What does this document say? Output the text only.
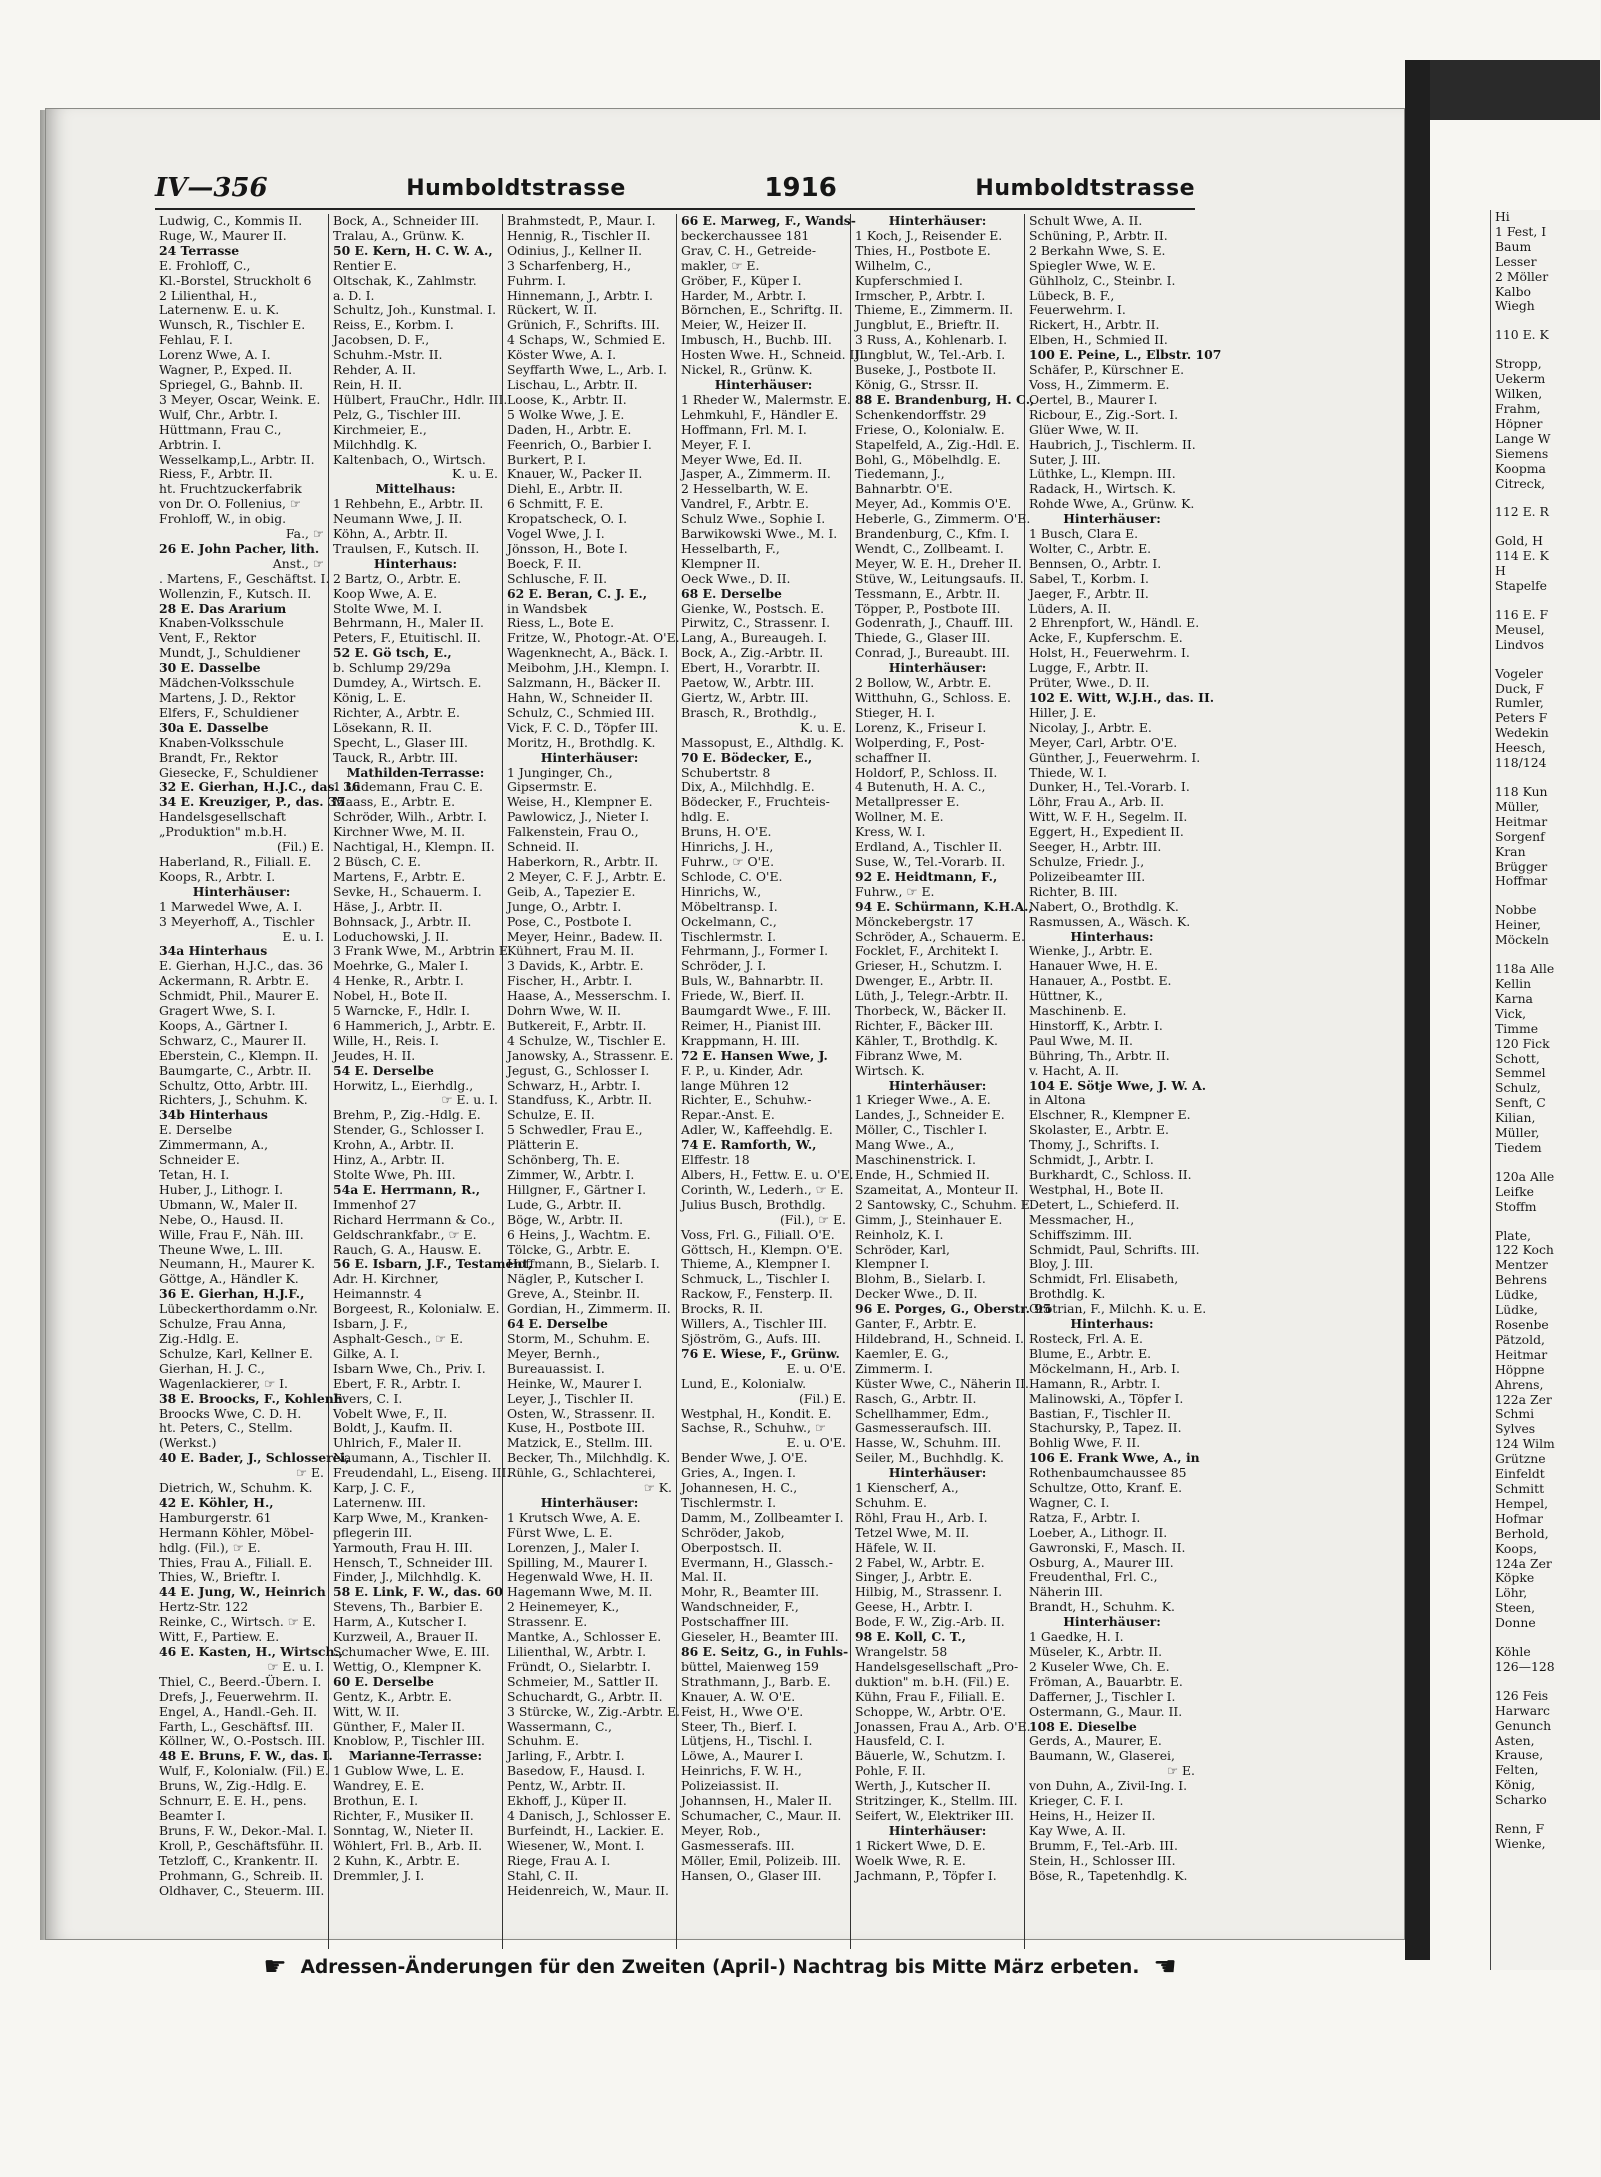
IV—356	Humboldtstrasse	1916	Humboldtstrasse
Ludwig, C., Kommis II.
Ruge, W., Maurer II.
24 Terrasse
E. Frohloff, C.,
Kl.-Borstel, Struckholt 6
2 Lilienthal, H.,
Laternenw. E. u. K.
Wunsch, R., Tischler E.
Fehlau, F. I.
Lorenz Wwe, A. I.
Wagner, P., Exped. II.
Spriegel, G., Bahnb. II.
3 Meyer, Oscar, Weink. E.
Wulf, Chr., Arbtr. I.
Hüttmann, Frau C.,
Arbtrin. I.
Wesselkamp,L., Arbtr. II.
Riess, F., Arbtr. II.
ht. Fruchtzuckerfabrik
von Dr. O. Follenius, ☞
Frohloff, W., in obig.
Fa., ☞
26 E. John Pacher, lith.
Anst., ☞
. Martens, F., Geschäftst. I.
Wollenzin, F., Kutsch. II.
28 E. Das Ararium
Knaben-Volksschule
Vent, F., Rektor
Mundt, J., Schuldiener
30 E. Dasselbe
Mädchen-Volksschule
Martens, J. D., Rektor
Elfers, F., Schuldiener
30a E. Dasselbe
Knaben-Volksschule
Brandt, Fr., Rektor
Giesecke, F., Schuldiener
32 E. Gierhan, H.J.C., das. 36
34 E. Kreuziger, P., das. 35
Handelsgesellschaft
„Produktion" m.b.H.
(Fil.) E.
Haberland, R., Filiall. E.
Koops, R., Arbtr. I.
Hinterhäuser:
1 Marwedel Wwe, A. I.
3 Meyerhoff, A., Tischler
E. u. I.
34a Hinterhaus
E. Gierhan, H.J.C., das. 36
Ackermann, R. Arbtr. E.
Schmidt, Phil., Maurer E.
Gragert Wwe, S. I.
Koops, A., Gärtner I.
Schwarz, C., Maurer II.
Eberstein, C., Klempn. II.
Baumgarte, C., Arbtr. II.
Schultz, Otto, Arbtr. III.
Richters, J., Schuhm. K.
34b Hinterhaus
E. Derselbe
Zimmermann, A.,
Schneider E.
Tetan, H. I.
Huber, J., Lithogr. I.
Ubmann, W., Maler II.
Nebe, O., Hausd. II.
Wille, Frau F., Näh. III.
Theune Wwe, L. III.
Neumann, H., Maurer K.
Göttge, A., Händler K.
36 E. Gierhan, H.J.F.,
Lübeckerthordamm o.Nr.
Schulze, Frau Anna,
Zig.-Hdlg. E.
Schulze, Karl, Kellner E.
Gierhan, H. J. C.,
Wagenlackierer, ☞ I.
38 E. Broocks, F., Kohlenh.
Broocks Wwe, C. D. H.
ht. Peters, C., Stellm.
(Werkst.)
40 E. Bader, J., Schlosserei,
☞ E.
Dietrich, W., Schuhm. K.
42 E. Köhler, H.,
Hamburgerstr. 61
Hermann Köhler, Möbel-
hdlg. (Fil.), ☞ E.
Thies, Frau A., Filiall. E.
Thies, W., Brieftr. I.
44 E. Jung, W., Heinrich
Hertz-Str. 122
Reinke, C., Wirtsch. ☞ E.
Witt, F., Partiew. E.
46 E. Kasten, H., Wirtsch.,
☞ E. u. I.
Thiel, C., Beerd.-Übern. I.
Drefs, J., Feuerwehrm. II.
Engel, A., Handl.-Geh. II.
Farth, L., Geschäftsf. III.
Köllner, W., O.-Postsch. III.
48 E. Bruns, F. W., das. I.
Wulf, F., Kolonialw. (Fil.) E.
Bruns, W., Zig.-Hdlg. E.
Schnurr, E. E. H., pens.
Beamter I.
Bruns, F. W., Dekor.-Mal. I.
Kroll, P., Geschäftsführ. II.
Tetzloff, C., Krankentr. II.
Prohmann, G., Schreib. II.
Oldhaver, C., Steuerm. III.
Bock, A., Schneider III.
Tralau, A., Grünw. K.
50 E. Kern, H. C. W. A.,
Rentier E.
Oltschak, K., Zahlmstr.
a. D. I.
Schultz, Joh., Kunstmal. I.
Reiss, E., Korbm. I.
Jacobsen, D. F.,
Schuhm.-Mstr. II.
Rehder, A. II.
Rein, H. II.
Hülbert, FrauChr., Hdlr. III.
Pelz, G., Tischler III.
Kirchmeier, E.,
Milchhdlg. K.
Kaltenbach, O., Wirtsch.
K. u. E.
Mittelhaus:
1 Rehbehn, E., Arbtr. II.
Neumann Wwe, J. II.
Köhn, A., Arbtr. II.
Traulsen, F., Kutsch. II.
Hinterhaus:
2 Bartz, O., Arbtr. E.
Koop Wwe, A. E.
Stolte Wwe, M. I.
Behrmann, H., Maler II.
Peters, F., Etuitischl. II.
52 E. Gö tsch, E.,
b. Schlump 29/29a
Dumdey, A., Wirtsch. E.
König, L. E.
Richter, A., Arbtr. E.
Lösekann, R. II.
Specht, L., Glaser III.
Tauck, R., Arbtr. III.
Mathilden-Terrasse:
1 Lüdemann, Frau C. E.
Maass, E., Arbtr. E.
Schröder, Wilh., Arbtr. I.
Kirchner Wwe, M. II.
Nachtigal, H., Klempn. II.
2 Büsch, C. E.
Martens, F., Arbtr. E.
Sevke, H., Schauerm. I.
Häse, J., Arbtr. II.
Bohnsack, J., Arbtr. II.
Loduchowski, J. II.
3 Frank Wwe, M., Arbtrin E.
Moehrke, G., Maler I.
4 Henke, R., Arbtr. I.
Nobel, H., Bote II.
5 Warncke, F., Hdlr. I.
6 Hammerich, J., Arbtr. E.
Wille, H., Reis. I.
Jeudes, H. II.
54 E. Derselbe
Horwitz, L., Eierhdlg.,
☞ E. u. I.
Brehm, P., Zig.-Hdlg. E.
Stender, G., Schlosser I.
Krohn, A., Arbtr. II.
Hinz, A., Arbtr. II.
Stolte Wwe, Ph. III.
54a E. Herrmann, R.,
Immenhof 27
Richard Herrmann & Co.,
Geldschrankfabr., ☞ E.
Rauch, G. A., Hausw. E.
56 E. Isbarn, J.F., Testament,
Adr. H. Kirchner,
Heimannstr. 4
Borgeest, R., Kolonialw. E.
Isbarn, J. F.,
Asphalt-Gesch., ☞ E.
Gilke, A. I.
Isbarn Wwe, Ch., Priv. I.
Ebert, F. R., Arbtr. I.
Evers, C. I.
Vobelt Wwe, F., II.
Boldt, J., Kaufm. II.
Uhlrich, F., Maler II.
Naumann, A., Tischler II.
Freudendahl, L., Eiseng. III.
Karp, J. C. F.,
Laternenw. III.
Karp Wwe, M., Kranken-
pflegerin III.
Yarmouth, Frau H. III.
Hensch, T., Schneider III.
Finder, J., Milchhdlg. K.
58 E. Link, F. W., das. 60
Stevens, Th., Barbier E.
Harm, A., Kutscher I.
Kurzweil, A., Brauer II.
Schumacher Wwe, E. III.
Wettig, O., Klempner K.
60 E. Derselbe
Gentz, K., Arbtr. E.
Witt, W. II.
Günther, F., Maler II.
Knoblow, P., Tischler III.
Marianne-Terrasse:
1 Gublow Wwe, L. E.
Wandrey, E. E.
Brothun, E. I.
Richter, F., Musiker II.
Sonntag, W., Nieter II.
Wöhlert, Frl. B., Arb. II.
2 Kuhn, K., Arbtr. E.
Dremmler, J. I.
Brahmstedt, P., Maur. I.
Hennig, R., Tischler II.
Odinius, J., Kellner II.
3 Scharfenberg, H.,
Fuhrm. I.
Hinnemann, J., Arbtr. I.
Rückert, W. II.
Grünich, F., Schrifts. III.
4 Schaps, W., Schmied E.
Köster Wwe, A. I.
Seyffarth Wwe, L., Arb. I.
Lischau, L., Arbtr. II.
Loose, K., Arbtr. II.
5 Wolke Wwe, J. E.
Daden, H., Arbtr. E.
Feenrich, O., Barbier I.
Burkert, P. I.
Knauer, W., Packer II.
Diehl, E., Arbtr. II.
6 Schmitt, F. E.
Kropatscheck, O. I.
Vogel Wwe, J. I.
Jönsson, H., Bote I.
Boeck, F. II.
Schlusche, F. II.
62 E. Beran, C. J. E.,
in Wandsbek
Riess, L., Bote E.
Fritze, W., Photogr.-At. O'E.
Wagenknecht, A., Bäck. I.
Meibohm, J.H., Klempn. I.
Salzmann, H., Bäcker II.
Hahn, W., Schneider II.
Schulz, C., Schmied III.
Vick, F. C. D., Töpfer III.
Moritz, H., Brothdlg. K.
Hinterhäuser:
1 Junginger, Ch.,
Gipsermstr. E.
Weise, H., Klempner E.
Pawlowicz, J., Nieter I.
Falkenstein, Frau O.,
Schneid. II.
Haberkorn, R., Arbtr. II.
2 Meyer, C. F. J., Arbtr. E.
Geib, A., Tapezier E.
Junge, O., Arbtr. I.
Pose, C., Postbote I.
Meyer, Heinr., Badew. II.
Kühnert, Frau M. II.
3 Davids, K., Arbtr. E.
Fischer, H., Arbtr. I.
Haase, A., Messerschm. I.
Dohrn Wwe, W. II.
Butkereit, F., Arbtr. II.
4 Schulze, W., Tischler E.
Janowsky, A., Strassenr. E.
Jegust, G., Schlosser I.
Schwarz, H., Arbtr. I.
Standfuss, K., Arbtr. II.
Schulze, E. II.
5 Schwedler, Frau E.,
Plätterin E.
Schönberg, Th. E.
Zimmer, W., Arbtr. I.
Hillgner, F., Gärtner I.
Lude, G., Arbtr. II.
Böge, W., Arbtr. II.
6 Heins, J., Wachtm. E.
Tölcke, G., Arbtr. E.
Hoffmann, B., Sielarb. I.
Nägler, P., Kutscher I.
Greve, A., Steinbr. II.
Gordian, H., Zimmerm. II.
64 E. Derselbe
Storm, M., Schuhm. E.
Meyer, Bernh.,
Bureauassist. I.
Heinke, W., Maurer I.
Leyer, J., Tischler II.
Osten, W., Strassenr. II.
Kuse, H., Postbote III.
Matzick, E., Stellm. III.
Becker, Th., Milchhdlg. K.
Rühle, G., Schlachterei,
☞ K.
Hinterhäuser:
1 Krutsch Wwe, A. E.
Fürst Wwe, L. E.
Lorenzen, J., Maler I.
Spilling, M., Maurer I.
Hegenwald Wwe, H. II.
Hagemann Wwe, M. II.
2 Heinemeyer, K.,
Strassenr. E.
Mantke, A., Schlosser E.
Lilienthal, W., Arbtr. I.
Fründt, O., Sielarbtr. I.
Schmeier, M., Sattler II.
Schuchardt, G., Arbtr. II.
3 Stürcke, W., Zig.-Arbtr. E.
Wassermann, C.,
Schuhm. E.
Jarling, F., Arbtr. I.
Basedow, F., Hausd. I.
Pentz, W., Arbtr. II.
Ekhoff, J., Küper II.
4 Danisch, J., Schlosser E.
Burfeindt, H., Lackier. E.
Wiesener, W., Mont. I.
Riege, Frau A. I.
Stahl, C. II.
Heidenreich, W., Maur. II.
66 E. Marweg, F., Wands-
beckerchaussee 181
Grav, C. H., Getreide-
makler, ☞ E.
Gröber, F., Küper I.
Harder, M., Arbtr. I.
Börnchen, E., Schriftg. II.
Meier, W., Heizer II.
Imbusch, H., Buchb. III.
Hosten Wwe. H., Schneid. III.
Nickel, R., Grünw. K.
Hinterhäuser:
1 Rheder W., Malermstr. E.
Lehmkuhl, F., Händler E.
Hoffmann, Frl. M. I.
Meyer, F. I.
Meyer Wwe, Ed. II.
Jasper, A., Zimmerm. II.
2 Hesselbarth, W. E.
Vandrel, F., Arbtr. E.
Schulz Wwe., Sophie I.
Barwikowski Wwe., M. I.
Hesselbarth, F.,
Klempner II.
Oeck Wwe., D. II.
68 E. Derselbe
Gienke, W., Postsch. E.
Pirwitz, C., Strassenr. I.
Lang, A., Bureaugeh. I.
Bock, A., Zig.-Arbtr. II.
Ebert, H., Vorarbtr. II.
Paetow, W., Arbtr. III.
Giertz, W., Arbtr. III.
Brasch, R., Brothdlg.,
K. u. E.
Massopust, E., Althdlg. K.
70 E. Bödecker, E.,
Schubertstr. 8
Dix, A., Milchhdlg. E.
Bödecker, F., Fruchteis-
hdlg. E.
Bruns, H. O'E.
Hinrichs, J. H.,
Fuhrw., ☞ O'E.
Schlode, C. O'E.
Hinrichs, W.,
Möbeltransp. I.
Ockelmann, C.,
Tischlermstr. I.
Fehrmann, J., Former I.
Schröder, J. I.
Buls, W., Bahnarbtr. II.
Friede, W., Bierf. II.
Baumgardt Wwe., F. III.
Reimer, H., Pianist III.
Krappmann, H. III.
72 E. Hansen Wwe, J.
F. P., u. Kinder, Adr.
lange Mühren 12
Richter, E., Schuhw.-
Repar.-Anst. E.
Adler, W., Kaffeehdlg. E.
74 E. Ramforth, W.,
Elffestr. 18
Albers, H., Fettw. E. u. O'E.
Corinth, W., Lederh., ☞ E.
Julius Busch, Brothdlg.
(Fil.), ☞ E.
Voss, Frl. G., Filiall. O'E.
Göttsch, H., Klempn. O'E.
Thieme, A., Klempner I.
Schmuck, L., Tischler I.
Rackow, F., Fensterp. II.
Brocks, R. II.
Willers, A., Tischler III.
Sjöström, G., Aufs. III.
76 E. Wiese, F., Grünw.
E. u. O'E.
Lund, E., Kolonialw.
(Fil.) E.
Westphal, H., Kondit. E.
Sachse, R., Schuhw., ☞
E. u. O'E.
Bender Wwe, J. O'E.
Gries, A., Ingen. I.
Johannesen, H. C.,
Tischlermstr. I.
Damm, M., Zollbeamter I.
Schröder, Jakob,
Oberpostsch. II.
Evermann, H., Glassch.-
Mal. II.
Mohr, R., Beamter III.
Wandschneider, F.,
Postschaffner III.
Gieseler, H., Beamter III.
86 E. Seitz, G., in Fuhls-
büttel, Maienweg 159
Strathmann, J., Barb. E.
Knauer, A. W. O'E.
Feist, H., Wwe O'E.
Steer, Th., Bierf. I.
Lütjens, H., Tischl. I.
Löwe, A., Maurer I.
Heinrichs, F. W. H.,
Polizeiassist. II.
Johannsen, H., Maler II.
Schumacher, C., Maur. II.
Meyer, Rob.,
Gasmesserafs. III.
Möller, Emil, Polizeib. III.
Hansen, O., Glaser III.
Hinterhäuser:
1 Koch, J., Reisender E.
Thies, H., Postbote E.
Wilhelm, C.,
Kupferschmied I.
Irmscher, P., Arbtr. I.
Thieme, E., Zimmerm. II.
Jungblut, E., Brieftr. II.
3 Russ, A., Kohlenarb. I.
Jungblut, W., Tel.-Arb. I.
Buseke, J., Postbote II.
König, G., Strssr. II.
88 E. Brandenburg, H. C.,
Schenkendorffstr. 29
Friese, O., Kolonialw. E.
Stapelfeld, A., Zig.-Hdl. E.
Bohl, G., Möbelhdlg. E.
Tiedemann, J.,
Bahnarbtr. O'E.
Meyer, Ad., Kommis O'E.
Heberle, G., Zimmerm. O'E.
Brandenburg, C., Kfm. I.
Wendt, C., Zollbeamt. I.
Meyer, W. E. H., Dreher II.
Stüve, W., Leitungsaufs. II.
Tessmann, E., Arbtr. II.
Töpper, P., Postbote III.
Godenrath, J., Chauff. III.
Thiede, G., Glaser III.
Conrad, J., Bureaubt. III.
Hinterhäuser:
2 Bollow, W., Arbtr. E.
Witthuhn, G., Schloss. E.
Stieger, H. I.
Lorenz, K., Friseur I.
Wolperding, F., Post-
schaffner II.
Holdorf, P., Schloss. II.
4 Butenuth, H. A. C.,
Metallpresser E.
Wollner, M. E.
Kress, W. I.
Erdland, A., Tischler II.
Suse, W., Tel.-Vorarb. II.
92 E. Heidtmann, F.,
Fuhrw., ☞ E.
94 E. Schürmann, K.H.A.,
Mönckebergstr. 17
Schröder, A., Schauerm. E.
Focklet, F., Architekt I.
Grieser, H., Schutzm. I.
Dwenger, E., Arbtr. II.
Lüth, J., Telegr.-Arbtr. II.
Thorbeck, W., Bäcker II.
Richter, F., Bäcker III.
Kähler, T., Brothdlg. K.
Fibranz Wwe, M.
Wirtsch. K.
Hinterhäuser:
1 Krieger Wwe., A. E.
Landes, J., Schneider E.
Möller, C., Tischler I.
Mang Wwe., A.,
Maschinenstrick. I.
Ende, H., Schmied II.
Szameitat, A., Monteur II.
2 Santowsky, C., Schuhm. E.
Gimm, J., Steinhauer E.
Reinholz, K. I.
Schröder, Karl,
Klempner I.
Blohm, B., Sielarb. I.
Decker Wwe., D. II.
96 E. Porges, G., Oberstr. 95
Ganter, F., Arbtr. E.
Hildebrand, H., Schneid. I.
Kaemler, E. G.,
Zimmerm. I.
Küster Wwe, C., Näherin II.
Rasch, G., Arbtr. II.
Schellhammer, Edm.,
Gasmesseraufsch. III.
Hasse, W., Schuhm. III.
Seiler, M., Buchhdlg. K.
Hinterhäuser:
1 Kienscherf, A.,
Schuhm. E.
Röhl, Frau H., Arb. I.
Tetzel Wwe, M. II.
Häfele, W. II.
2 Fabel, W., Arbtr. E.
Singer, J., Arbtr. E.
Hilbig, M., Strassenr. I.
Geese, H., Arbtr. I.
Bode, F. W., Zig.-Arb. II.
98 E. Koll, C. T.,
Wrangelstr. 58
Handelsgesellschaft „Pro-
duktion" m. b.H. (Fil.) E.
Kühn, Frau F., Filiall. E.
Schoppe, W., Arbtr. O'E.
Jonassen, Frau A., Arb. O'E.
Hausfeld, C. I.
Bäuerle, W., Schutzm. I.
Pohle, F. II.
Werth, J., Kutscher II.
Stritzinger, K., Stellm. III.
Seifert, W., Elektriker III.
Hinterhäuser:
1 Rickert Wwe, D. E.
Woelk Wwe, R. E.
Jachmann, P., Töpfer I.
Schult Wwe, A. II.
Schüning, P., Arbtr. II.
2 Berkahn Wwe, S. E.
Spiegler Wwe, W. E.
Gühlholz, C., Steinbr. I.
Lübeck, B. F.,
Feuerwehrm. I.
Rickert, H., Arbtr. II.
Elben, H., Schmied II.
100 E. Peine, L., Elbstr. 107
Schäfer, P., Kürschner E.
Voss, H., Zimmerm. E.
Oertel, B., Maurer I.
Ricbour, E., Zig.-Sort. I.
Glüer Wwe, W. II.
Haubrich, J., Tischlerm. II.
Suter, J. III.
Lüthke, L., Klempn. III.
Radack, H., Wirtsch. K.
Rohde Wwe, A., Grünw. K.
Hinterhäuser:
1 Busch, Clara E.
Wolter, C., Arbtr. E.
Bennsen, O., Arbtr. I.
Sabel, T., Korbm. I.
Jaeger, F., Arbtr. II.
Lüders, A. II.
2 Ehrenpfort, W., Händl. E.
Acke, F., Kupferschm. E.
Holst, H., Feuerwehrm. I.
Lugge, F., Arbtr. II.
Prüter, Wwe., D. II.
102 E. Witt, W.J.H., das. II.
Hiller, J. E.
Nicolay, J., Arbtr. E.
Meyer, Carl, Arbtr. O'E.
Günther, J., Feuerwehrm. I.
Thiede, W. I.
Dunker, H., Tel.-Vorarb. I.
Löhr, Frau A., Arb. II.
Witt, W. F. H., Segelm. II.
Eggert, H., Expedient II.
Seeger, H., Arbtr. III.
Schulze, Friedr. J.,
Polizeibeamter III.
Richter, B. III.
Nabert, O., Brothdlg. K.
Rasmussen, A., Wäsch. K.
Hinterhaus:
Wienke, J., Arbtr. E.
Hanauer Wwe, H. E.
Hanauer, A., Postbt. E.
Hüttner, K.,
Maschinenb. E.
Hinstorff, K., Arbtr. I.
Paul Wwe, M. II.
Bühring, Th., Arbtr. II.
v. Hacht, A. II.
104 E. Sötje Wwe, J. W. A.
in Altona
Elschner, R., Klempner E.
Skolaster, E., Arbtr. E.
Thomy, J., Schrifts. I.
Schmidt, J., Arbtr. I.
Burkhardt, C., Schloss. II.
Westphal, H., Bote II.
Detert, L., Schieferd. II.
Messmacher, H.,
Schiffszimm. III.
Schmidt, Paul, Schrifts. III.
Bloy, J. III.
Schmidt, Frl. Elisabeth,
Brothdlg. K.
Grotrian, F., Milchh. K. u. E.
Hinterhaus:
Rosteck, Frl. A. E.
Blume, E., Arbtr. E.
Möckelmann, H., Arb. I.
Hamann, R., Arbtr. I.
Malinowski, A., Töpfer I.
Bastian, F., Tischler II.
Stachursky, P., Tapez. II.
Bohlig Wwe, F. II.
106 E. Frank Wwe, A., in
Rothenbaumchaussee 85
Schultze, Otto, Kranf. E.
Wagner, C. I.
Ratza, F., Arbtr. I.
Loeber, A., Lithogr. II.
Gawronski, F., Masch. II.
Osburg, A., Maurer III.
Freudenthal, Frl. C.,
Näherin III.
Brandt, H., Schuhm. K.
Hinterhäuser:
1 Gaedke, H. I.
Müseler, K., Arbtr. II.
2 Kuseler Wwe, Ch. E.
Fröman, A., Bauarbtr. E.
Dafferner, J., Tischler I.
Ostermann, G., Maur. II.
108 E. Dieselbe
Gerds, A., Maurer, E.
Baumann, W., Glaserei,
☞ E.
von Duhn, A., Zivil-Ing. I.
Krieger, C. F. I.
Heins, H., Heizer II.
Kay Wwe, A. II.
Brumm, F., Tel.-Arb. III.
Stein, H., Schlosser III.
Böse, R., Tapetenhdlg. K.
☛ Adressen-Änderungen für den Zweiten (April-) Nachtrag bis Mitte März erbeten. ☚
Hi
1 Fest, I
Baum
Lesser
2 Möller
Kalbo
Wiegh
110 E. K
Stropp,
Uekerm
Wilken,
Frahm,
Höpner
Lange W
Siemens
Koopma
Citreck,
112 E. R
Gold, H
114 E. K
H
Stapelfe
116 E. F
Meusel,
Lindvos
Vogeler
Duck, F
Rumler,
Peters F
Wedekin
Heesch,
118/124
118 Kun
Müller,
Heitmar
Sorgenf
Kran
Brügger
Hoffmar
Nobbe
Heiner,
Möckeln
118a Alle
Kellin
Karna
Vick,
Timme
120 Fick
Schott,
Semmel
Schulz,
Senft, C
Kilian,
Müller,
Tiedem
120a Alle
Leifke
Stoffm
Plate,
122 Koch
Mentzer
Behrens
Lüdke,
Lüdke,
Rosenbe
Pätzold,
Heitmar
Höppne
Ahrens,
122a Zer
Schmi
Sylves
124 Wilm
Grützne
Einfeldt
Schmitt
Hempel,
Hofmar
Berhold,
Koops,
124a Zer
Köpke
Löhr,
Steen,
Donne
Köhle
126—128
126 Feis
Harwarc
Genunch
Asten,
Krause,
Felten,
König,
Scharko
Renn, F
Wienke,
